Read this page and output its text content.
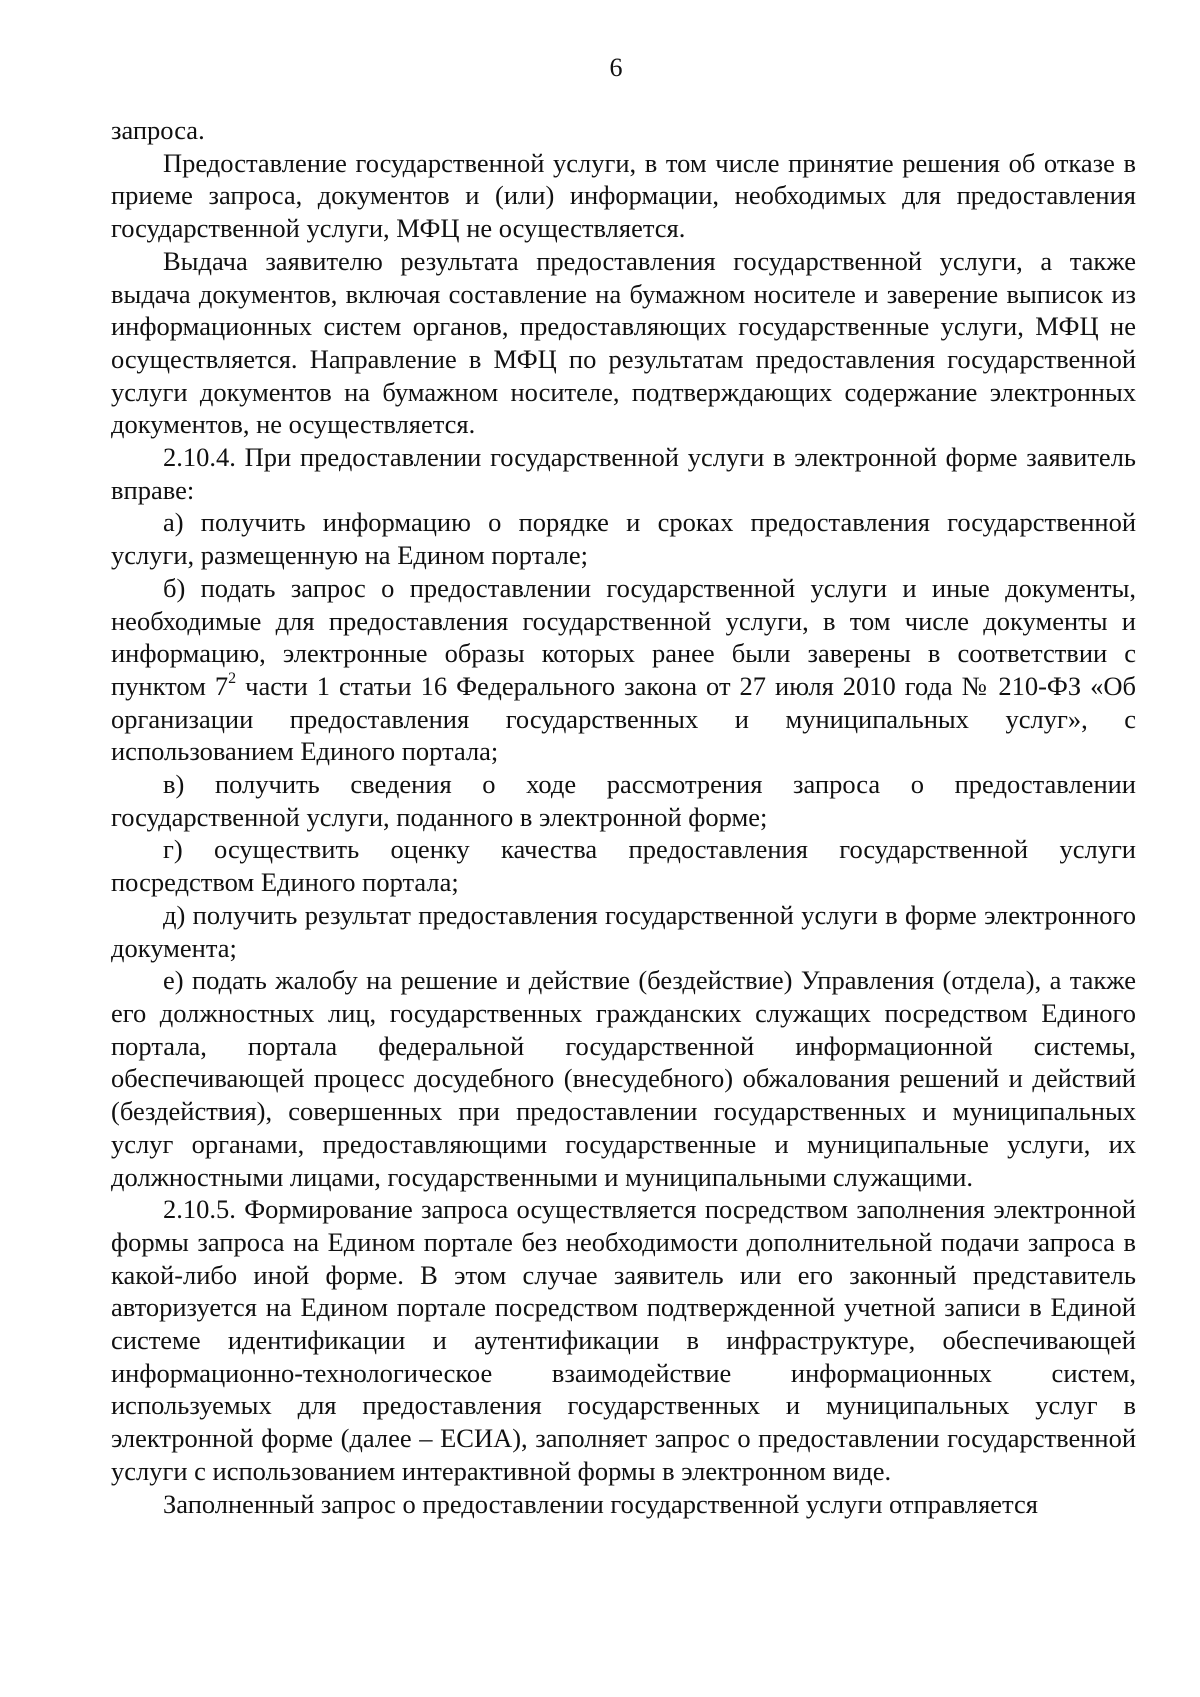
6

запроса.

Предоставление государственной услуги, в том числе принятие решения об отказе в приеме запроса, документов и (или) информации, необходимых для предоставления государственной услуги, МФЦ не осуществляется.

Выдача заявителю результата предоставления государственной услуги, а также выдача документов, включая составление на бумажном носителе и заверение выписок из информационных систем органов, предоставляющих государственные услуги, МФЦ не осуществляется. Направление в МФЦ по результатам предоставления государственной услуги документов на бумажном носителе, подтверждающих содержание электронных документов, не осуществляется.

2.10.4. При предоставлении государственной услуги в электронной форме заявитель вправе:

а) получить информацию о порядке и сроках предоставления государственной услуги, размещенную на Едином портале;

б) подать запрос о предоставлении государственной услуги и иные документы, необходимые для предоставления государственной услуги, в том числе документы и информацию, электронные образы которых ранее были заверены в соответствии с пунктом $7^2$ части 1 статьи 16 Федерального закона от 27 июля 2010 года № 210-ФЗ «Об организации предоставления государственных и муниципальных услуг», с использованием Единого портала;

в) получить сведения о ходе рассмотрения запроса о предоставлении государственной услуги, поданного в электронной форме;

г) осуществить оценку качества предоставления государственной услуги посредством Единого портала;

д) получить результат предоставления государственной услуги в форме электронного документа;

е) подать жалобу на решение и действие (бездействие) Управления (отдела), а также его должностных лиц, государственных гражданских служащих посредством Единого портала, портала федеральной государственной информационной системы, обеспечивающей процесс досудебного (внесудебного) обжалования решений и действий (бездействия), совершенных при предоставлении государственных и муниципальных услуг органами, предоставляющими государственные и муниципальные услуги, их должностными лицами, государственными и муниципальными служащими.

2.10.5. Формирование запроса осуществляется посредством заполнения электронной формы запроса на Едином портале без необходимости дополнительной подачи запроса в какой-либо иной форме. В этом случае заявитель или его законный представитель авторизуется на Едином портале посредством подтвержденной учетной записи в Единой системе идентификации и аутентификации в инфраструктуре, обеспечивающей информационно-технологическое взаимодействие информационных систем, используемых для предоставления государственных и муниципальных услуг в электронной форме (далее – ЕСИА), заполняет запрос о предоставлении государственной услуги с использованием интерактивной формы в электронном виде.

Заполненный запрос о предоставлении государственной услуги отправляется
